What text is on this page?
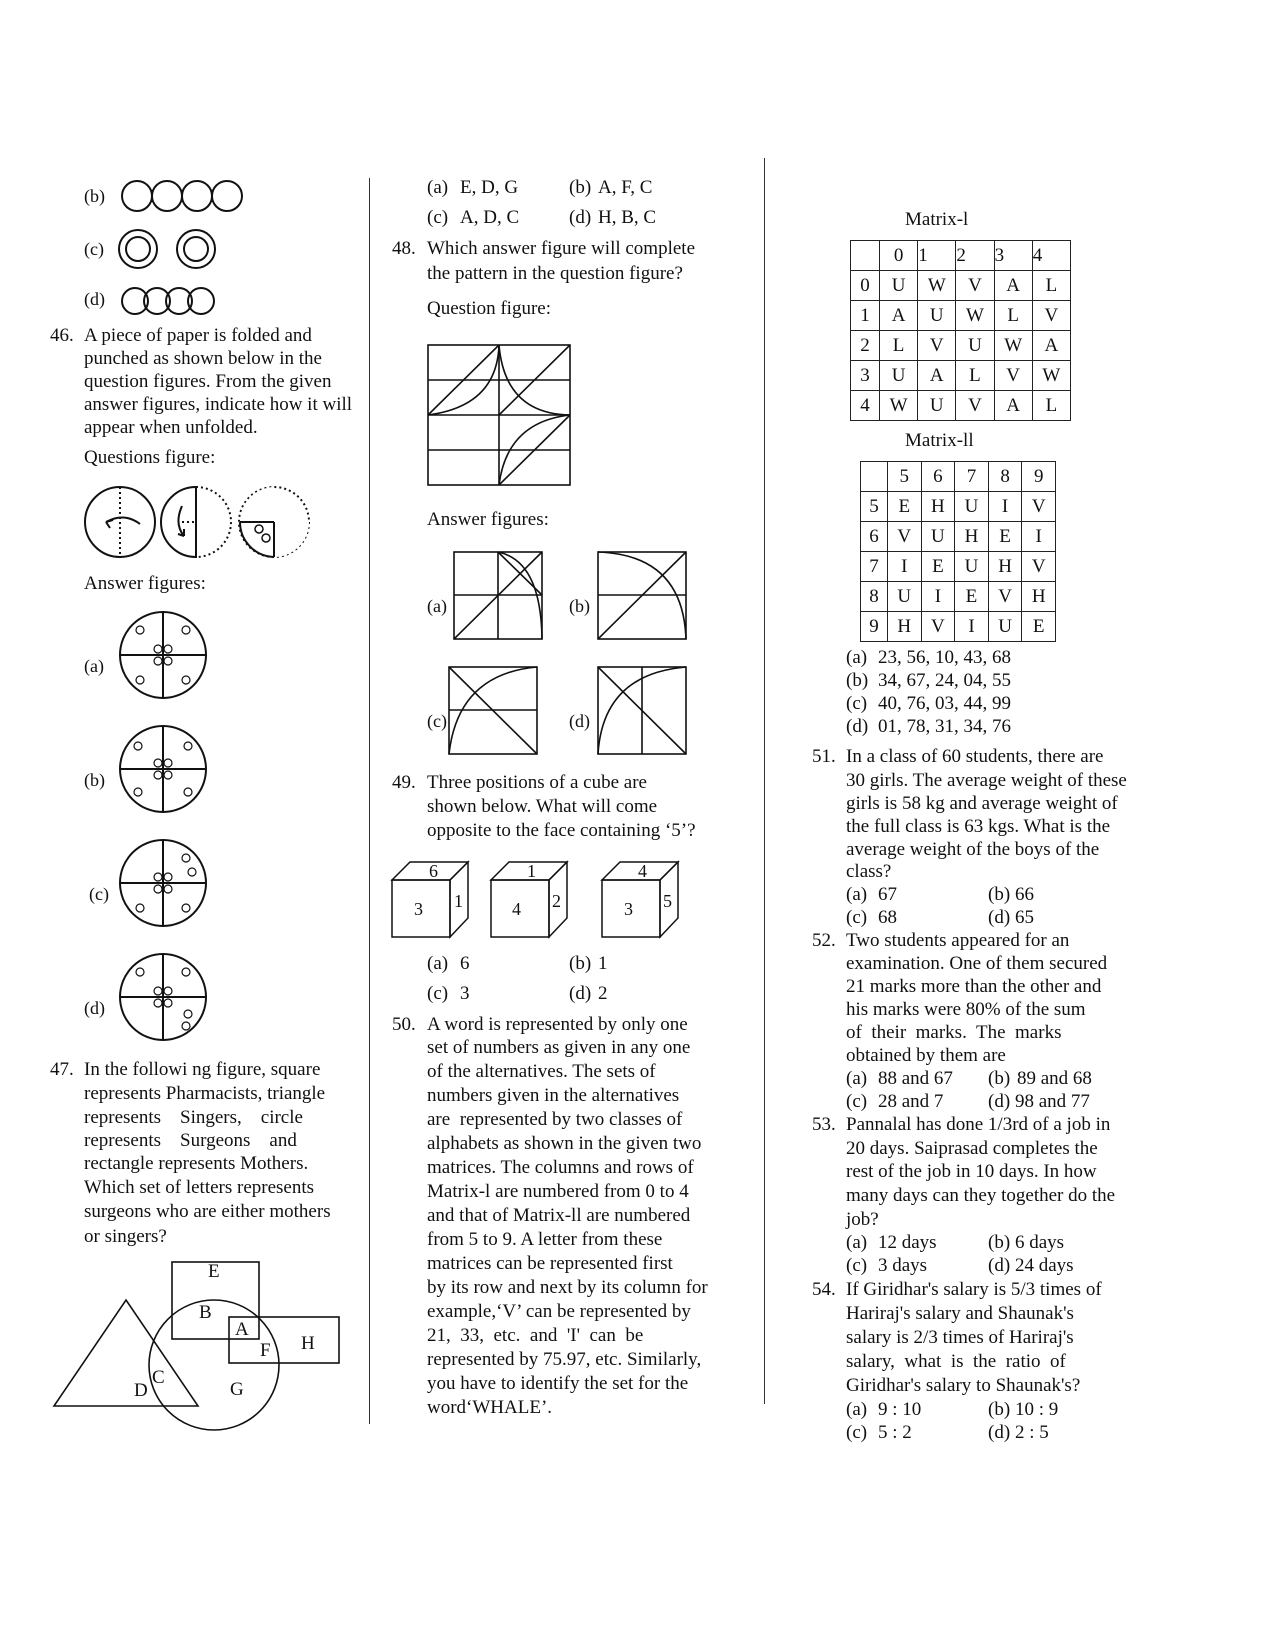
(b)
(c)
(d)
46. A piece of paper is folded and
punched as shown below in the
question figures. From the given
answer figures, indicate how it will
appear when unfolded.
Questions figure:
Answer figures:
(a)
(b)
(c)
(d)
47. In the followi ng figure, square
represents Pharmacists, triangle
represents    Singers,    circle
represents    Surgeons    and
rectangle represents Mothers.
Which set of letters represents
surgeons who are either mothers
or singers?
E
B
A
F H
C
D	G
(a) E, D, G	(b) A, F, C
(c) A, D, C	(d) H, B, C
48. Which answer figure will complete
the pattern in the question figure?
Question figure:
Answer figures:
(a)	(b)
(c)	(d)
49. Three positions of a cube are
shown below. What will come
opposite to the face containing ‘5’?
6
3 1
1
4 2
4
3 5
(a) 6	(b) 1
(c) 3	(d) 2
50. A word is represented by only one
set of numbers as given in any one
of the alternatives. The sets of
numbers given in the alternatives
are  represented by two classes of
alphabets as shown in the given two
matrices. The columns and rows of
Matrix-l are numbered from 0 to 4
and that of Matrix-ll are numbered
from 5 to 9. A letter from these
matrices can be represented first
by its row and next by its column for
example,‘V’ can be represented by
21,  33,  etc.  and  'I'  can  be
represented by 75.97, etc. Similarly,
you have to identify the set for the
word‘WHALE’.
Matrix-l
	0	1	2	3	4
0	U	W	V	A	L
1	A	U	W	L	V
2	L	V	U	W	A
3	U	A	L	V	W
4	W	U	V	A	L
Matrix-ll
	5	6	7	8	9
5	E	H	U	I	V
6	V	U	H	E	I
7	I	E	U	H	V
8	U	I	E	V	H
9	H	V	I	U	E
(a) 23, 56, 10, 43, 68
(b) 34, 67, 24, 04, 55
(c) 40, 76, 03, 44, 99
(d) 01, 78, 31, 34, 76
51. In a class of 60 students, there are
30 girls. The average weight of these
girls is 58 kg and average weight of
the full class is 63 kgs. What is the
average weight of the boys of the
class?
(a) 67	(b) 66
(c) 68	(d) 65
52. Two students appeared for an
examination. One of them secured
21 marks more than the other and
his marks were 80% of the sum
of  their  marks.  The  marks
obtained by them are
(a) 88 and 67 (b) 89 and 68
(c) 28 and 7 (d) 98 and 77
53. Pannalal has done 1/3rd of a job in
20 days. Saiprasad completes the
rest of the job in 10 days. In how
many days can they together do the
job?
(a) 12 days	(b) 6 days
(c) 3 days	(d) 24 days
54. If Giridhar's salary is 5/3 times of
Hariraj's salary and Shaunak's
salary is 2/3 times of Hariraj's
salary,  what  is  the  ratio  of
Giridhar's salary to Shaunak's?
(a) 9 : 10	(b) 10 : 9
(c) 5 : 2	(d) 2 : 5
